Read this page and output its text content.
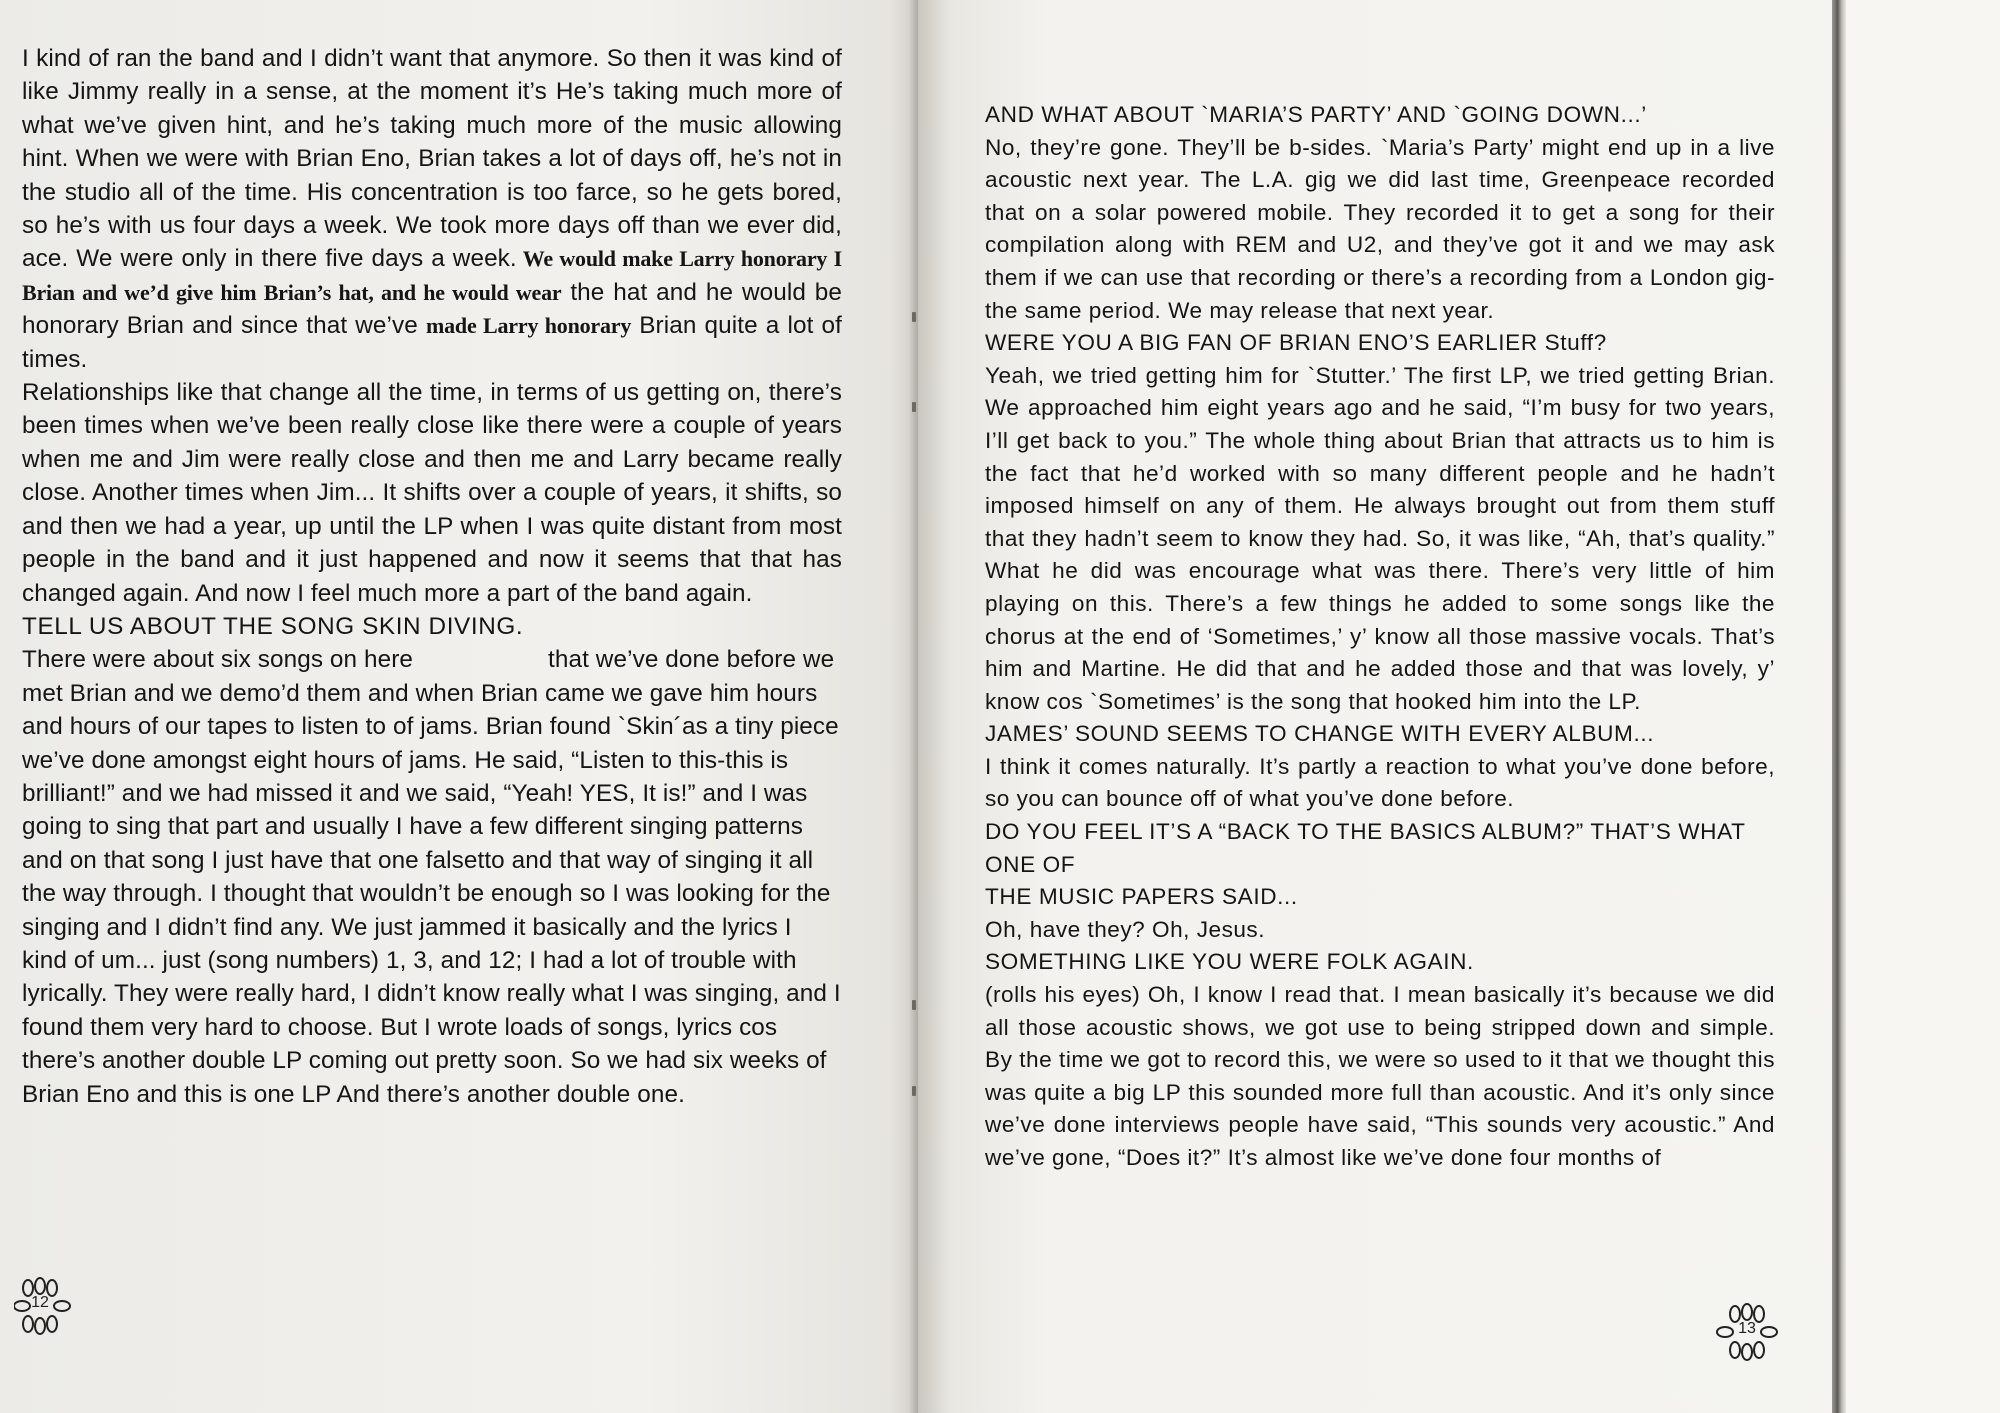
I kind of ran the band and I didn’t want that anymore. So then it was kind of like Jimmy really in a sense, at the moment it’s He’s taking much more of what we’ve given hint, and he’s taking much more of the music allowing hint. When we were with Brian Eno, Brian takes a lot of days off, he’s not in the studio all of the time. His concentration is too farce, so he gets bored, so he’s with us four days a week. We took more days off than we ever did, ace. We were only in there five days a week. We would make Larry honorary I Brian and we’d give him Brian’s hat, and he would wear the hat and he would be honorary Brian and since that we’ve made Larry honorary Brian quite a lot of times.

Relationships like that change all the time, in terms of us getting on, there’s been times when we’ve been really close like there were a couple of years when me and Jim were really close and then me and Larry became really close. Another times when Jim... It shifts over a couple of years, it shifts, so and then we had a year, up until the LP when I was quite distant from most people in the band and it just happened and now it seems that that has changed again. And now I feel much more a part of the band again.

TELL US ABOUT THE SONG SKIN DIVING.

There were about six songs on here	that we’ve done before we met Brian and we demo’d them and when Brian came we gave him hours and hours of our tapes to listen to of jams. Brian found `Skin´as a tiny piece we’ve done amongst eight hours of jams. He said, “Listen to this-this is brilliant!” and we had missed it and we said, “Yeah! YES, It is!” and I was going to sing that part and usually I have a few different singing patterns and on that song I just have that one falsetto and that way of singing it all the way through. I thought that wouldn’t be enough so I was looking for the singing and I didn’t find any. We just jammed it basically and the lyrics I kind of um... just (song numbers) 1, 3, and 12; I had a lot of trouble with lyrically. They were really hard, I didn’t know really what I was singing, and I found them very hard to choose. But I wrote loads of songs, lyrics cos there’s another double LP coming out pretty soon. So we had six weeks of Brian Eno and this is one LP And there’s another double one.

12

AND WHAT ABOUT `MARIA’S PARTY’ AND `GOING DOWN...’

No, they’re gone. They’ll be b-sides. `Maria’s Party’ might end up in a live acoustic next year. The L.A. gig we did last time, Greenpeace recorded that on a solar powered mobile. They recorded it to get a song for their compilation along with REM and U2, and they’ve got it and we may ask them if we can use that recording or there’s a recording from a London gig-the same period. We may release that next year.

WERE YOU A BIG FAN OF BRIAN ENO’S EARLIER Stuff?

Yeah, we tried getting him for `Stutter.’ The first LP, we tried getting Brian. We approached him eight years ago and he said, “I’m busy for two years, I’ll get back to you.” The whole thing about Brian that attracts us to him is the fact that he’d worked with so many different people and he hadn’t imposed himself on any of them. He always brought out from them stuff that they hadn’t seem to know they had. So, it was like, “Ah, that’s quality.” What he did was encourage what was there. There’s very little of him playing on this. There’s a few things he added to some songs like the chorus at the end of ‘Sometimes,’ y’ know all those massive vocals. That’s him and Martine. He did that and he added those and that was lovely, y’ know cos `Sometimes’ is the song that hooked him into the LP.

JAMES’ SOUND SEEMS TO CHANGE WITH EVERY ALBUM...

I think it comes naturally. It’s partly a reaction to what you’ve done before, so you can bounce off of what you’ve done before.

DO YOU FEEL IT’S A “BACK TO THE BASICS ALBUM?” THAT’S WHAT ONE OF

THE MUSIC PAPERS SAID...

Oh, have they? Oh, Jesus.

SOMETHING LIKE YOU WERE FOLK AGAIN.

(rolls his eyes) Oh, I know I read that. I mean basically it’s because we did all those acoustic shows, we got use to being stripped down and simple. By the time we got to record this, we were so used to it that we thought this was quite a big LP this sounded more full than acoustic. And it’s only since we’ve done interviews people have said, “This sounds very acoustic.” And we’ve gone, “Does it?” It’s almost like we’ve done four months of

13
